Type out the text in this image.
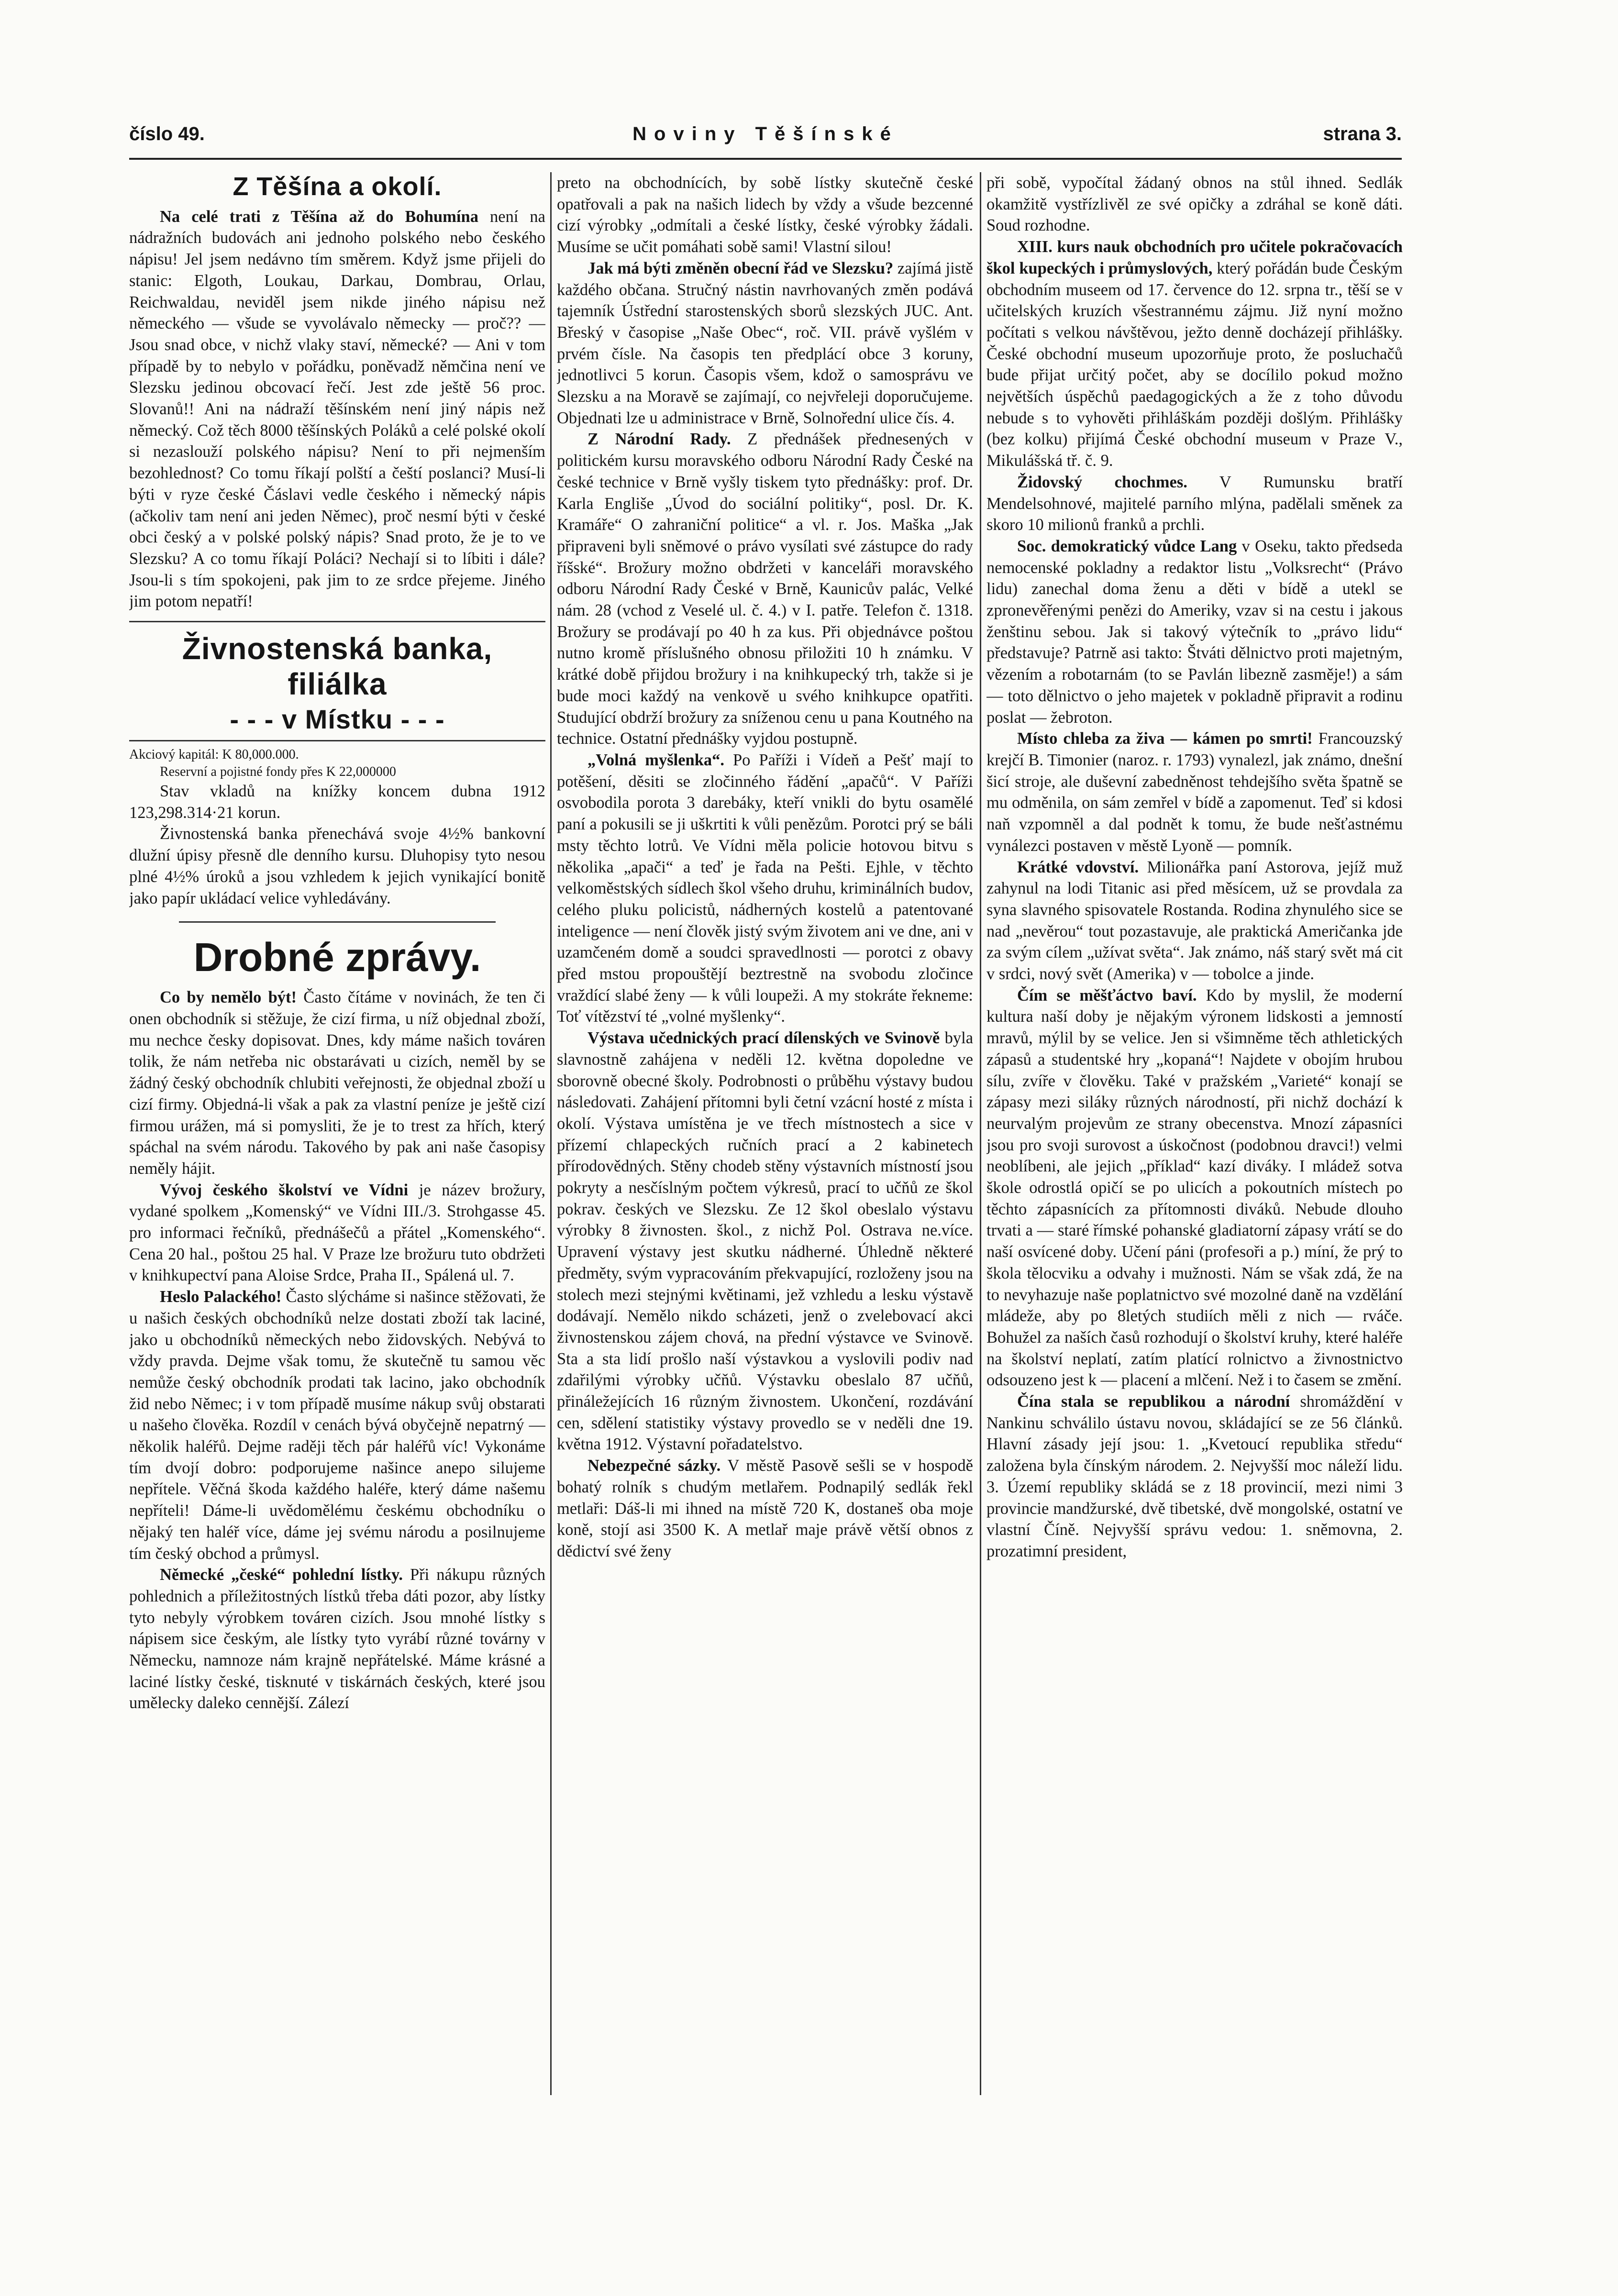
číslo 49.	Noviny Těšínské	strana 3.
Z Těšína a okolí.

Na celé trati z Těšína až do Bohumína není na nádražních budovách ani jednoho polského nebo českého nápisu! Jel jsem nedávno tím směrem. Když jsme přijeli do stanic: Elgoth, Loukau, Darkau, Dombrau, Orlau, Reichwaldau, neviděl jsem nikde jiného nápisu než německého — všude se vyvolávalo německy — proč?? — Jsou snad obce, v nichž vlaky staví, německé? — Ani v tom případě by to nebylo v pořádku, poněvadž němčina není ve Slezsku jedinou obcovací řečí. Jest zde ještě 56 proc. Slovanů!! Ani na nádraží těšínském není jiný nápis než německý. Což těch 8000 těšínských Poláků a celé polské okolí si nezaslouží polského nápisu? Není to při nejmenším bezohlednost? Co tomu říkají polští a čeští poslanci? Musí-li býti v ryze české Čáslavi vedle českého i německý nápis (ačkoliv tam není ani jeden Němec), proč nesmí býti v české obci český a v polské polský nápis? Snad proto, že je to ve Slezsku? A co tomu říkají Poláci? Nechají si to líbiti i dále? Jsou-li s tím spokojeni, pak jim to ze srdce přejeme. Jiného jim potom nepatří!

Živnostenská banka, filiálka
- - - v Místku - - -

Akciový kapitál: K 80,000.000.

Reservní a pojistné fondy přes K 22,000000

Stav vkladů na knížky koncem dubna 1912 123,298.314·21 korun.

Živnostenská banka přenechává svoje 4½% bankovní dlužní úpisy přesně dle denního kursu. Dluhopisy tyto nesou plné 4½% úroků a jsou vzhledem k jejich vynikající bonitě jako papír ukládací velice vyhledávány.

Drobné zprávy.

Co by nemělo být! Často čítáme v novinách, že ten či onen obchodník si stěžuje, že cizí firma, u níž objednal zboží, mu nechce česky dopisovat. Dnes, kdy máme našich továren tolik, že nám netřeba nic obstarávati u cizích, neměl by se žádný český obchodník chlubiti veřejnosti, že objednal zboží u cizí firmy. Objedná-li však a pak za vlastní peníze je ještě cizí firmou urážen, má si pomysliti, že je to trest za hřích, který spáchal na svém národu. Takového by pak ani naše časopisy neměly hájit.

Vývoj českého školství ve Vídni je název brožury, vydané spolkem „Komenský“ ve Vídni III./3. Strohgasse 45. pro informaci řečníků, přednášečů a přátel „Komenského“. Cena 20 hal., poštou 25 hal. V Praze lze brožuru tuto obdržeti v knihkupectví pana Aloise Srdce, Praha II., Spálená ul. 7.

Heslo Palackého! Často slýcháme si našince stěžovati, že u našich českých obchodníků nelze dostati zboží tak laciné, jako u obchodníků německých nebo židovských. Nebývá to vždy pravda. Dejme však tomu, že skutečně tu samou věc nemůže český obchodník prodati tak lacino, jako obchodník žid nebo Němec; i v tom případě musíme nákup svůj obstarati u našeho člověka. Rozdíl v cenách bývá obyčejně nepatrný — několik haléřů. Dejme raději těch pár haléřů víc! Vykonáme tím dvojí dobro: podporujeme našince anepo silujeme nepřítele. Věčná škoda každého haléře, který dáme našemu nepříteli! Dáme-li uvědomělému českému obchodníku o nějaký ten haléř více, dáme jej svému národu a posilnujeme tím český obchod a průmysl.

Německé „české“ pohlední lístky. Při nákupu různých pohlednich a příležitostných lístků třeba dáti pozor, aby lístky tyto nebyly výrobkem továren cizích. Jsou mnohé lístky s nápisem sice českým, ale lístky tyto vyrábí různé továrny v Německu, namnoze nám krajně nepřátelské. Máme krásné a laciné lístky české, tisknuté v tiskárnách českých, které jsou umělecky daleko cennější. Zálezí

preto na obchodnících, by sobě lístky skutečně české opatřovali a pak na našich lidech by vždy a všude bezcenné cizí výrobky „odmítali a české lístky, české výrobky žádali. Musíme se učit pomáhati sobě sami! Vlastní silou!

Jak má býti změněn obecní řád ve Slezsku? zajímá jistě každého občana. Stručný nástin navrhovaných změn podává tajemník Ústřední starostenských sborů slezských JUC. Ant. Břeský v časopise „Naše Obec“, roč. VII. právě vyšlém v prvém čísle. Na časopis ten předplácí obce 3 koruny, jednotlivci 5 korun. Časopis všem, kdož o samosprávu ve Slezsku a na Moravě se zajímají, co nejvřeleji doporučujeme. Objednati lze u administrace v Brně, Solnořední ulice čís. 4.

Z Národní Rady. Z přednášek přednesených v politickém kursu moravského odboru Národní Rady České na české technice v Brně vyšly tiskem tyto přednášky: prof. Dr. Karla Engliše „Úvod do sociální politiky“, posl. Dr. K. Kramáře“ O zahraniční politice“ a vl. r. Jos. Maška „Jak připraveni byli sněmové o právo vysílati své zástupce do rady říšské“. Brožury možno obdržeti v kanceláři moravského odboru Národní Rady České v Brně, Kaunicův palác, Velké nám. 28 (vchod z Veselé ul. č. 4.) v I. patře. Telefon č. 1318. Brožury se prodávají po 40 h za kus. Při objednávce poštou nutno kromě příslušného obnosu přiložiti 10 h známku. V krátké době přijdou brožury i na knihkupecký trh, takže si je bude moci každý na venkově u svého knihkupce opatřiti. Studující obdrží brožury za sníženou cenu u pana Koutného na technice. Ostatní přednášky vyjdou postupně.

„Volná myšlenka“. Po Paříži i Vídeň a Pešť mají to potěšení, děsiti se zločinného řádění „apačů“. V Paříži osvobodila porota 3 darebáky, kteří vnikli do bytu osamělé paní a pokusili se ji uškrtiti k vůli penězům. Porotci prý se báli msty těchto lotrů. Ve Vídni měla policie hotovou bitvu s několika „apači“ a teď je řada na Pešti. Ejhle, v těchto velkoměstských sídlech škol všeho druhu, kriminálních budov, celého pluku policistů, nádherných kostelů a patentované inteligence — není člověk jistý svým životem ani ve dne, ani v uzamčeném domě a soudci spravedlnosti — porotci z obavy před mstou propouštějí beztrestně na svobodu zločince vraždící slabé ženy — k vůli loupeži. A my stokráte řekneme: Toť vítězství té „volné myšlenky“.

Výstava učednických prací dílenských ve Svinově byla slavnostně zahájena v neděli 12. května dopoledne ve sborovně obecné školy. Podrobnosti o průběhu výstavy budou následovati. Zahájení přítomni byli četní vzácní hosté z místa i okolí. Výstava umístěna je ve třech místnostech a sice v přízemí chlapeckých ručních prací a 2 kabinetech přírodovědných. Stěny chodeb stěny výstavních místností jsou pokryty a nesčíslným počtem výkresů, prací to učňů ze škol pokrav. českých ve Slezsku. Ze 12 škol obeslalo výstavu výrobky 8 živnosten. škol., z nichž Pol. Ostrava ne.více. Upravení výstavy jest skutku nádherné. Úhledně některé předměty, svým vypracováním překvapující, rozloženy jsou na stolech mezi stejnými květinami, jež vzhledu a lesku výstavě dodávají. Nemělo nikdo scházeti, jenž o zvelebovací akci živnostenskou zájem chová, na přední výstavce ve Svinově. Sta a sta lidí prošlo naší výstavkou a vyslovili podiv nad zdařilými výrobky učňů. Výstavku obeslalo 87 učňů, přináležejících 16 různým živnostem. Ukončení, rozdávání cen, sdělení statistiky výstavy provedlo se v neděli dne 19. května 1912. Výstavní pořadatelstvo.

Nebezpečné sázky. V městě Pasově sešli se v hospodě bohatý rolník s chudým metlařem. Podnapilý sedlák řekl metlaři: Dáš-li mi ihned na místě 720 K, dostaneš oba moje koně, stojí asi 3500 K. A metlař maje právě větší obnos z dědictví své ženy

při sobě, vypočítal žádaný obnos na stůl ihned. Sedlák okamžitě vystřízlivěl ze své opičky a zdráhal se koně dáti. Soud rozhodne.

XIII. kurs nauk obchodních pro učitele pokračovacích škol kupeckých i průmyslových, který pořádán bude Českým obchodním museem od 17. července do 12. srpna tr., těší se v učitelských kruzích všestrannému zájmu. Již nyní možno počítati s velkou návštěvou, ježto denně docházejí přihlášky. České obchodní museum upozorňuje proto, že posluchačů bude přijat určitý počet, aby se docílilo pokud možno největších úspěchů paedagogických a že z toho důvodu nebude s to vyhověti přihláškám později došlým. Přihlášky (bez kolku) přijímá České obchodní museum v Praze V., Mikulášská tř. č. 9.

Židovský chochmes. V Rumunsku bratří Mendelsohnové, majitelé parního mlýna, padělali směnek za skoro 10 milionů franků a prchli.

Soc. demokratický vůdce Lang v Oseku, takto předseda nemocenské pokladny a redaktor listu „Volksrecht“ (Právo lidu) zanechal doma ženu a děti v bídě a utekl se zpronevěřenými penězi do Ameriky, vzav si na cestu i jakous ženštinu sebou. Jak si takový výtečník to „právo lidu“ představuje? Patrně asi takto: Štváti dělnictvo proti majetným, vězením a robotarnám (to se Pavlán libezně zasměje!) a sám — toto dělnictvo o jeho majetek v pokladně připravit a rodinu poslat — žebroton.

Místo chleba za živa — kámen po smrti! Francouzský krejčí B. Timonier (naroz. r. 1793) vynalezl, jak známo, dnešní šicí stroje, ale duševní zabedněnost tehdejšího světa špatně se mu odměnila, on sám zemřel v bídě a zapomenut. Teď si kdosi naň vzpomněl a dal podnět k tomu, že bude nešťastnému vynálezci postaven v městě Lyoně — pomník.

Krátké vdovství. Milionářka paní Astorova, jejíž muž zahynul na lodi Titanic asi před měsícem, už se provdala za syna slavného spisovatele Rostanda. Rodina zhynulého sice se nad „nevěrou“ tout pozastavuje, ale praktická Američanka jde za svým cílem „užívat světa“. Jak známo, náš starý svět má cit v srdci, nový svět (Amerika) v — tobolce a jinde.

Čím se měšťáctvo baví. Kdo by myslil, že moderní kultura naší doby je nějakým výronem lidskosti a jemností mravů, mýlil by se velice. Jen si všimněme těch athletických zápasů a studentské hry „kopaná“! Najdete v obojím hrubou sílu, zvíře v člověku. Také v pražském „Varieté“ konají se zápasy mezi siláky různých národností, při nichž dochází k neurvalým projevům ze strany obecenstva. Mnozí zápasníci jsou pro svoji surovost a úskočnost (podobnou dravci!) velmi neoblíbeni, ale jejich „příklad“ kazí diváky. I mládež sotva škole odrostlá opičí se po ulicích a pokoutních místech po těchto zápasnících za přítomnosti diváků. Nebude dlouho trvati a — staré římské pohanské gladiatorní zápasy vrátí se do naší osvícené doby. Učení páni (profesoři a p.) míní, že prý to škola tělocviku a odvahy i mužnosti. Nám se však zdá, že na to nevyhazuje naše poplatnictvo své mozolné daně na vzdělání mládeže, aby po 8letých studiích měli z nich — rváče. Bohužel za naších časů rozhodují o školství kruhy, které haléře na školství neplatí, zatím platící rolnictvo a živnostnictvo odsouzeno jest k — placení a mlčení. Než i to časem se změní.

Čína stala se republikou a národní shromáždění v Nankinu schválilo ústavu novou, skládající se ze 56 článků. Hlavní zásady její jsou: 1. „Kvetoucí republika středu“ založena byla čínským národem. 2. Nejvyšší moc náleží lidu. 3. Území republiky skládá se z 18 provincií, mezi nimi 3 provincie mandžurské, dvě tibetské, dvě mongolské, ostatní ve vlastní Číně. Nejvyšší správu vedou: 1. sněmovna, 2. prozatimní president,
